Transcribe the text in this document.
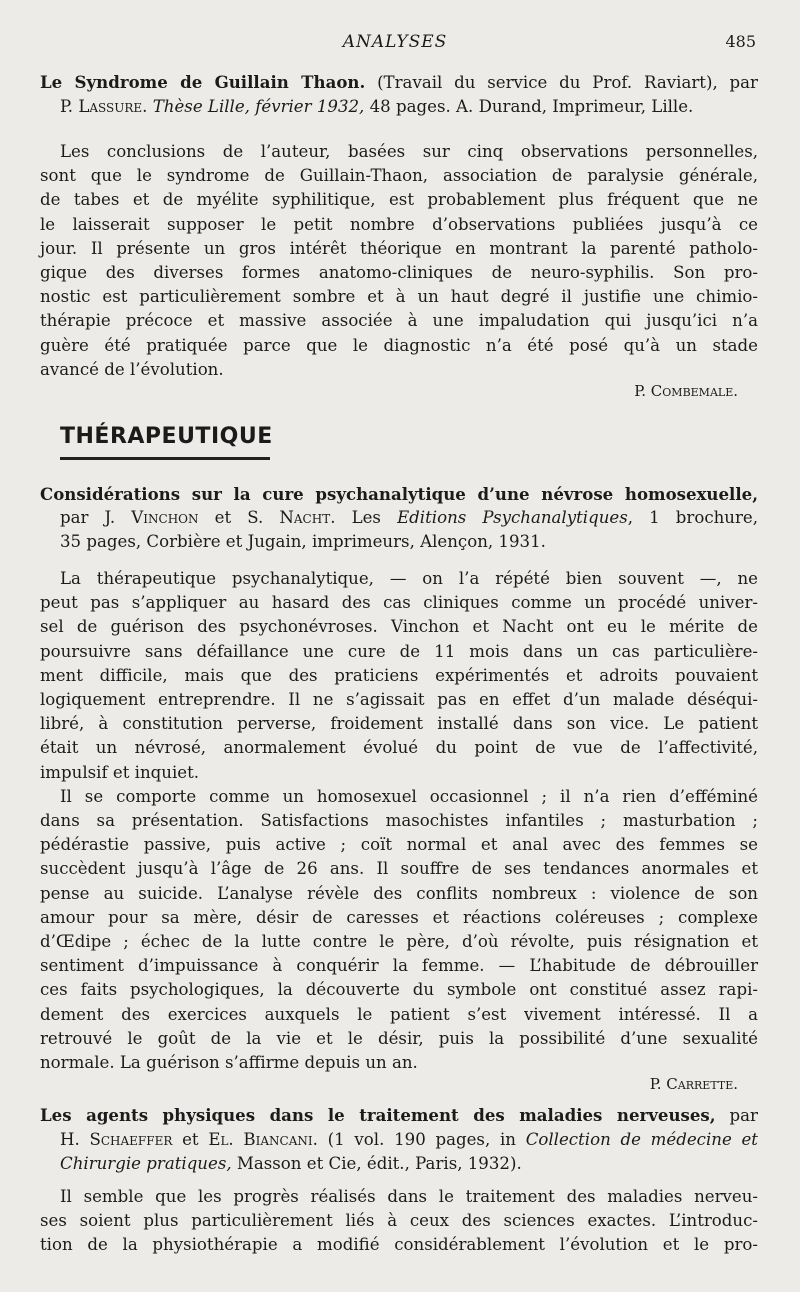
ANALYSES	485
Le Syndrome de Guillain Thaon. (Travail du service du Prof. Raviart), par
P. Lassure. Thèse Lille, février 1932, 48 pages. A. Durand, Imprimeur, Lille.
Les conclusions de l’auteur, basées sur cinq observations personnelles,
sont que le syndrome de Guillain-Thaon, association de paralysie générale,
de tabes et de myélite syphilitique, est probablement plus fréquent que ne
le laisserait supposer le petit nombre d’observations publiées jusqu’à ce
jour. Il présente un gros intérêt théorique en montrant la parenté patholo-
gique des diverses formes anatomo-cliniques de neuro-syphilis. Son pro-
nostic est particulièrement sombre et à un haut degré il justifie une chimio-
thérapie précoce et massive associée à une impaludation qui jusqu’ici n’a
guère été pratiquée parce que le diagnostic n’a été posé qu’à un stade
avancé de l’évolution.
P. Combemale.
THÉRAPEUTIQUE
Considérations sur la cure psychanalytique d’une névrose homosexuelle,
par J. Vinchon et S. Nacht. Les Editions Psychanalytiques, 1 brochure,
35 pages, Corbière et Jugain, imprimeurs, Alençon, 1931.
La thérapeutique psychanalytique, — on l’a répété bien souvent —, ne
peut pas s’appliquer au hasard des cas cliniques comme un procédé univer-
sel de guérison des psychonévroses. Vinchon et Nacht ont eu le mérite de
poursuivre sans défaillance une cure de 11 mois dans un cas particulière-
ment difficile, mais que des praticiens expérimentés et adroits pouvaient
logiquement entreprendre. Il ne s’agissait pas en effet d’un malade déséqui-
libré, à constitution perverse, froidement installé dans son vice. Le patient
était un névrosé, anormalement évolué du point de vue de l’affectivité,
impulsif et inquiet.
Il se comporte comme un homosexuel occasionnel ; il n’a rien d’efféminé
dans sa présentation. Satisfactions masochistes infantiles ; masturbation ;
pédérastie passive, puis active ; coït normal et anal avec des femmes se
succèdent jusqu’à l’âge de 26 ans. Il souffre de ses tendances anormales et
pense au suicide. L’analyse révèle des conflits nombreux : violence de son
amour pour sa mère, désir de caresses et réactions coléreuses ; complexe
d’Œdipe ; échec de la lutte contre le père, d’où révolte, puis résignation et
sentiment d’impuissance à conquérir la femme. — L’habitude de débrouiller
ces faits psychologiques, la découverte du symbole ont constitué assez rapi-
dement des exercices auxquels le patient s’est vivement intéressé. Il a
retrouvé le goût de la vie et le désir, puis la possibilité d’une sexualité
normale. La guérison s’affirme depuis un an.
P. Carrette.
Les agents physiques dans le traitement des maladies nerveuses, par
H. Schaeffer et El. Biancani. (1 vol. 190 pages, in Collection de médecine et
Chirurgie pratiques, Masson et Cie, édit., Paris, 1932).
Il semble que les progrès réalisés dans le traitement des maladies nerveu-
ses soient plus particulièrement liés à ceux des sciences exactes. L’introduc-
tion de la physiothérapie a modifié considérablement l’évolution et le pro-
